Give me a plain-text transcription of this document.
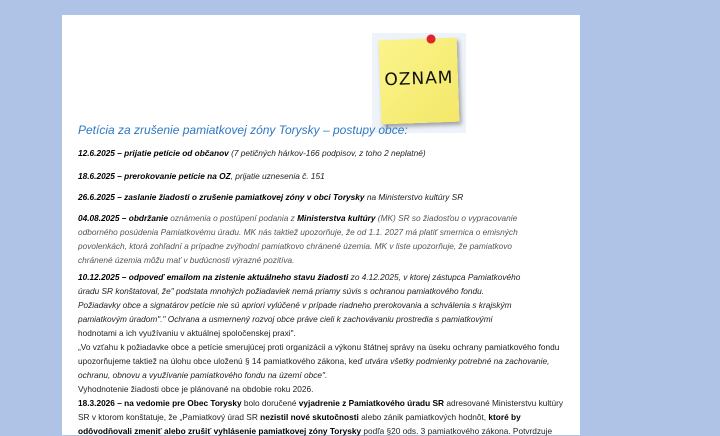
OZNAM
Petícia za zrušenie pamiatkovej zóny Torysky – postupy obce:
12.6.2025 – prijatie petície od občanov (7 petičných hárkov-166 podpisov, z toho 2 neplatné)
18.6.2025 – prerokovanie petície na OZ, prijatie uznesenia č. 151
26.6.2025 – zaslanie žiadosti o zrušenie pamiatkovej zóny v obci Torysky na Ministerstvo kultúry SR
04.08.2025 – obdržanie oznámenia o postúpení podania z Ministerstva kultúry (MK) SR so žiadosťou o vypracovanie
odborného posúdenia Pamiatkovému úradu. MK nás taktiež upozorňuje, že od 1.1. 2027 má platiť smernica o emisných
povolenkách, ktorá zohľadní a prípadne zvýhodní pamiatkovo chránené územia. MK v liste upozorňuje, že pamiatkovo
chránené územia môžu mať v budúcnosti výrazné pozitíva.
10.12.2025 – odpoveď emailom na zistenie aktuálneho stavu žiadosti zo 4.12.2025, v ktorej zástupca Pamiatkového
úradu SR konštatoval, že" podstata mnohých požiadaviek nemá priamy súvis s ochranou pamiatkového fondu.
Požiadavky obce a signatárov petície nie sú apriori vylúčené v prípade riadneho prerokovania a schválenia s krajským
pamiatkovým úradom"." Ochrana a usmernený rozvoj obce práve cieli k zachovávaniu prostredia s pamiatkovými
hodnotami a ich využívaniu v aktuálnej spoločenskej praxi".
„Vo vzťahu k požiadavke obce a petície smerujúcej proti organizácii a výkonu štátnej správy na úseku ochrany pamiatkového fondu
upozorňujeme taktiež na úlohu obce uloženú § 14 pamiatkového zákona, keď utvára všetky podmienky potrebné na zachovanie,
ochranu, obnovu a využívanie pamiatkového fondu na území obce".
Vyhodnotenie žiadosti obce je plánované na obdobie roku 2026.
18.3.2026 – na vedomie pre Obec Torysky bolo doručené vyjadrenie z Pamiatkového úradu SR adresované Ministerstvu kultúry
SR v ktorom konštatuje, že „Pamiatkový úrad SR nezistil nové skutočnosti alebo zánik pamiatkových hodnôt, ktoré by
odôvodňovali zmeniť alebo zrušiť vyhlásenie pamiatkovej zóny Torysky podľa §20 ods. 3 pamiatkového zákona. Potvrdzuje
